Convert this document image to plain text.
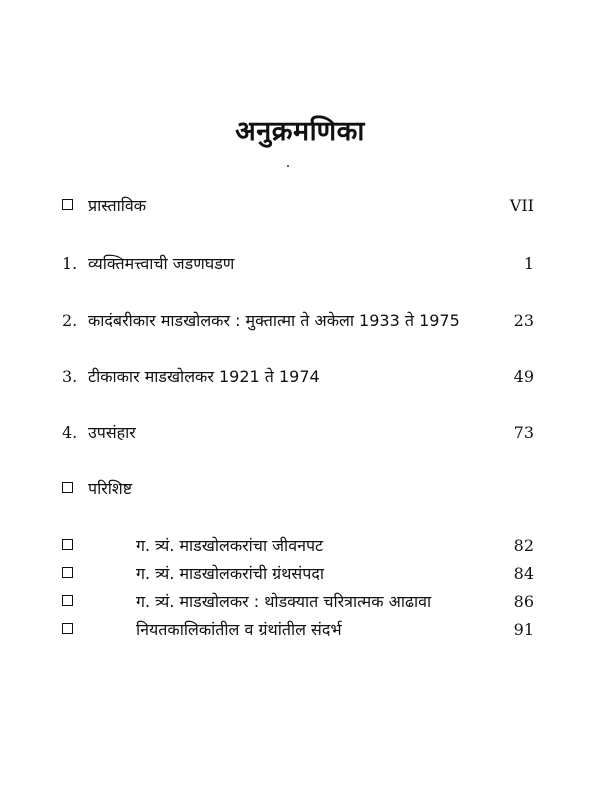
अनुक्रमणिका
प्रास्ताविक	VII
1. व्यक्तिमत्त्वाची जडणघडण	1
2. कादंबरीकार माडखोलकर : मुक्तात्मा ते अकेला 1933 ते 1975	23
3. टीकाकार माडखोलकर 1921 ते 1974	49
4. उपसंहार	73
परिशिष्ट
ग. त्र्यं. माडखोलकरांचा जीवनपट	82
ग. त्र्यं. माडखोलकरांची ग्रंथसंपदा	84
ग. त्र्यं. माडखोलकर : थोडक्यात चरित्रात्मक आढावा	86
नियतकालिकांतील व ग्रंथांतील संदर्भ	91
